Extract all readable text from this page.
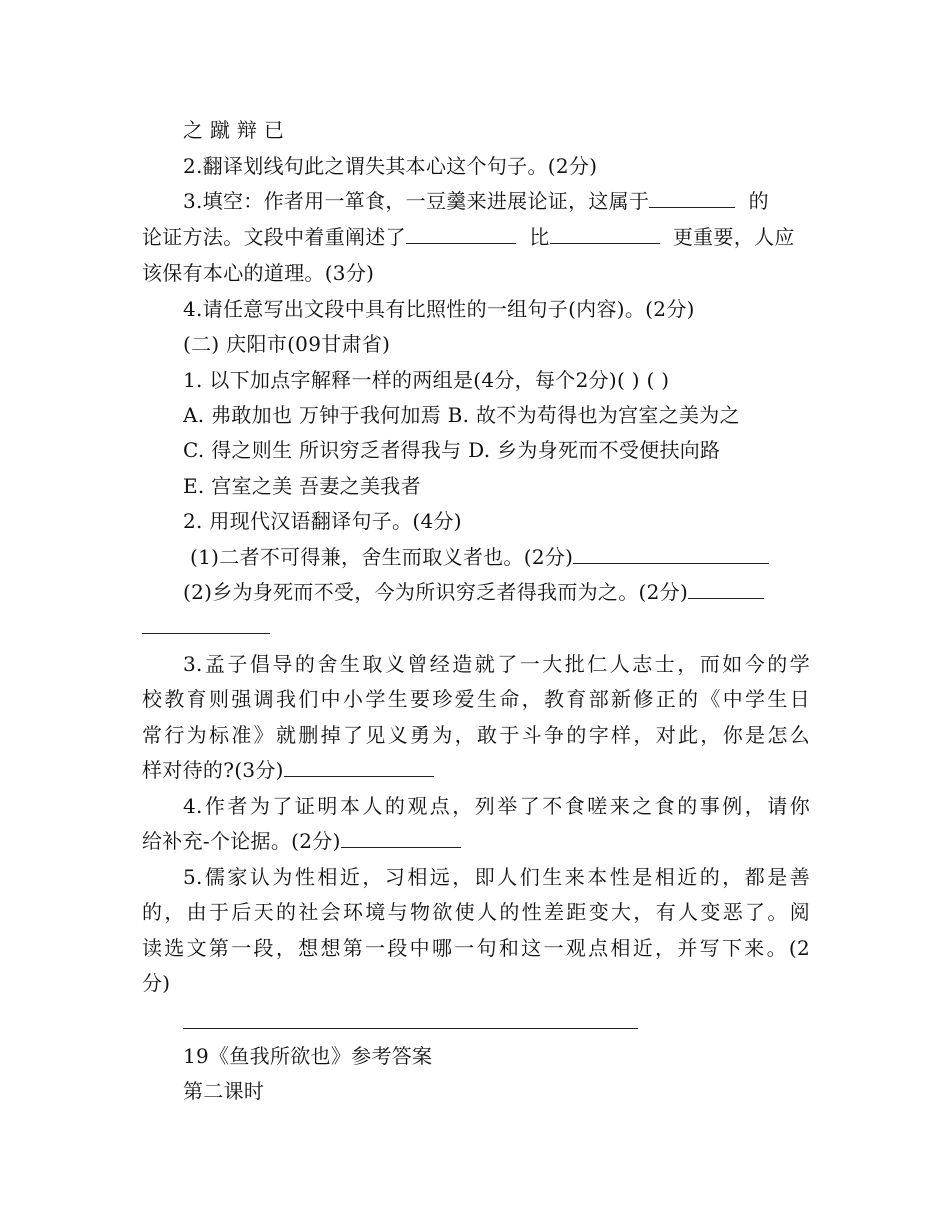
之 蹴 辩 已
2.翻译划线句此之谓失其本心这个句子。(2分)
3.填空：作者用一箪食，一豆羹来进展论证，这属于	的
论证方法。文段中着重阐述了	比	更重要，人应
该保有本心的道理。(3分)
4.请任意写出文段中具有比照性的一组句子(内容)。(2分)
(二) 庆阳市(09甘肃省)
1. 以下加点字解释一样的两组是(4分，每个2分)( ) ( )
A. 弗敢加也 万钟于我何加焉 B. 故不为苟得也为宫室之美为之
C. 得之则生 所识穷乏者得我与 D. 乡为身死而不受便扶向路
E. 宫室之美 吾妻之美我者
2. 用现代汉语翻译句子。(4分)
(1)二者不可得兼，舍生而取义者也。(2分)
(2)乡为身死而不受，今为所识穷乏者得我而为之。(2分)
3.孟子倡导的舍生取义曾经造就了一大批仁人志士，而如今的学
校教育则强调我们中小学生要珍爱生命，教育部新修正的《中学生日
常行为标准》就删掉了见义勇为，敢于斗争的字样，对此，你是怎么
样对待的?(3分)
4.作者为了证明本人的观点，列举了不食嗟来之食的事例，请你
给补充-个论据。(2分)
5.儒家认为性相近，习相远，即人们生来本性是相近的，都是善
的，由于后天的社会环境与物欲使人的性差距变大，有人变恶了。阅
读选文第一段，想想第一段中哪一句和这一观点相近，并写下来。(2
分)
19《鱼我所欲也》参考答案
第二课时
